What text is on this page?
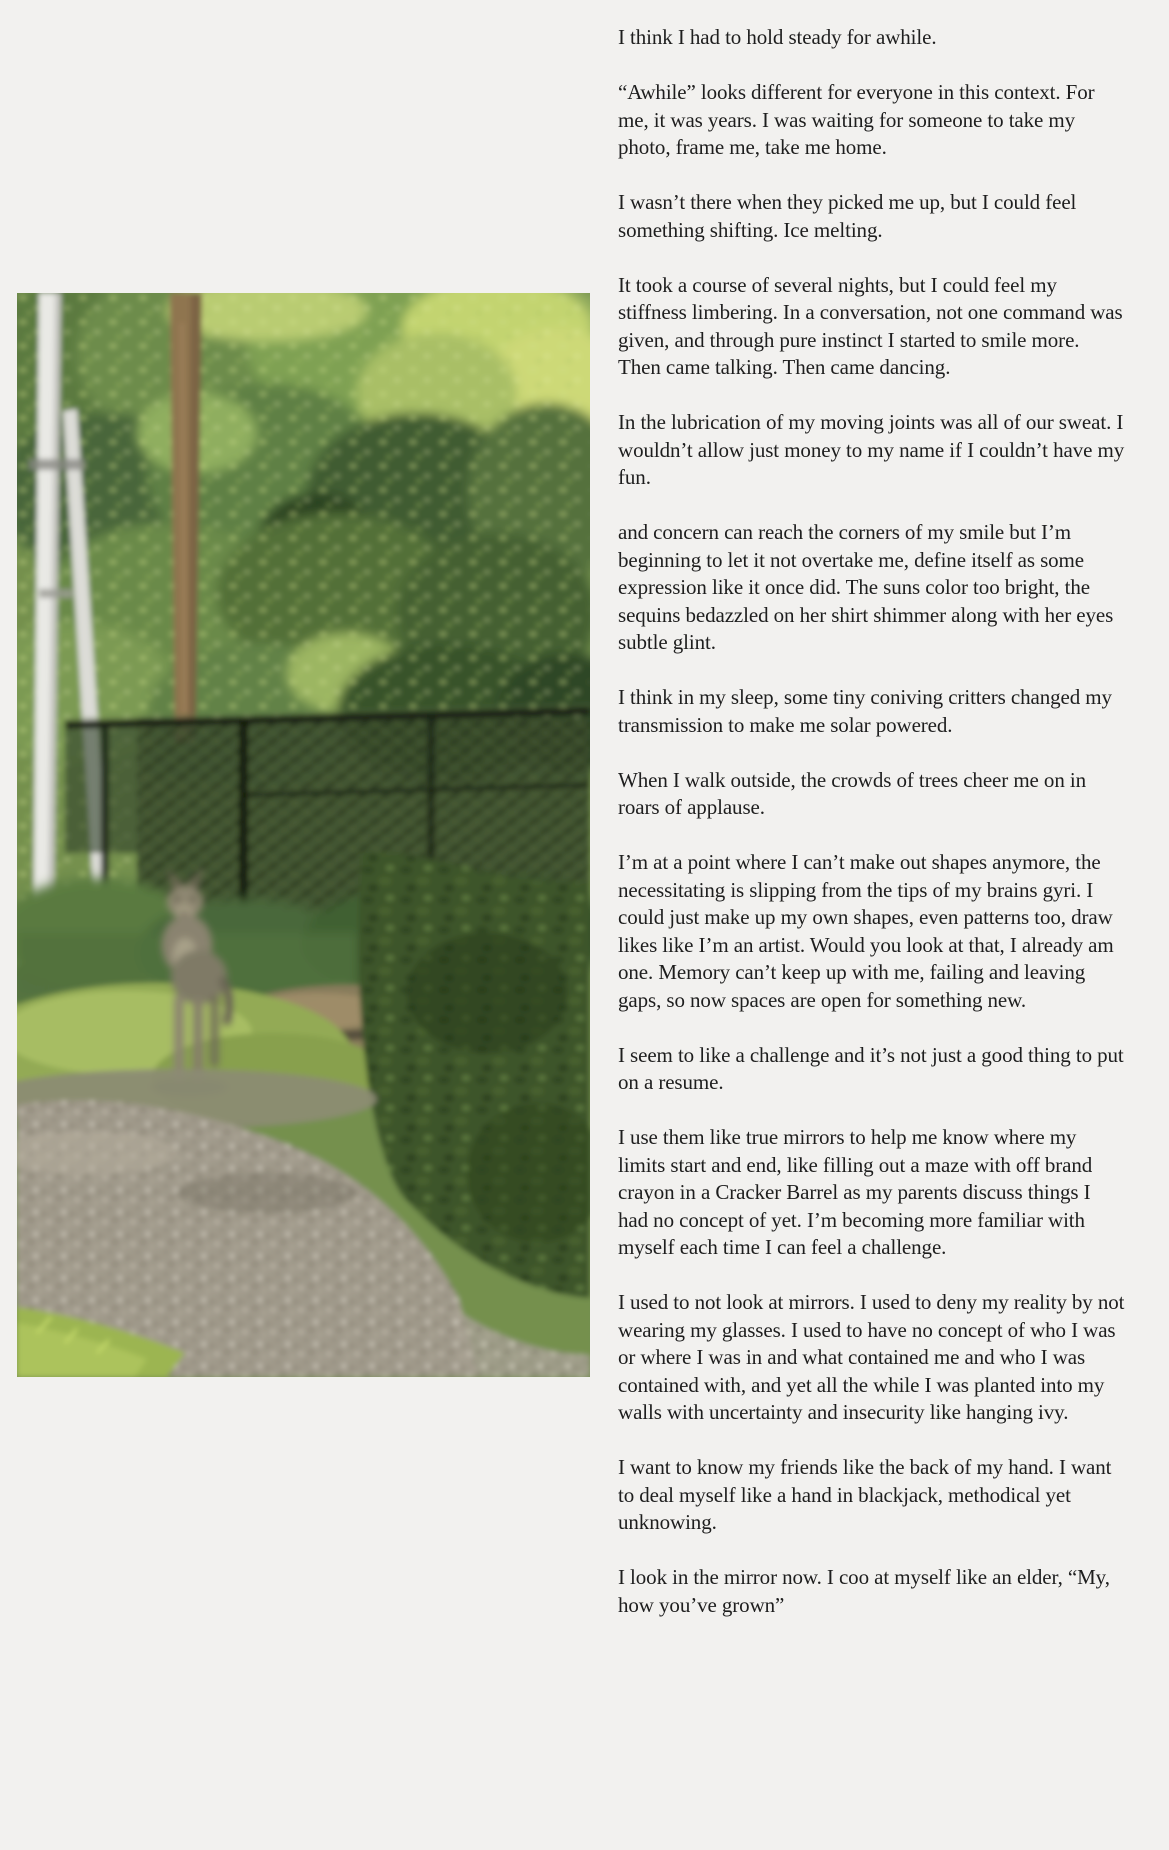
I think I had to hold steady for awhile.

“Awhile” looks different for everyone in this context. For me, it was years. I was waiting for someone to take my photo, frame me, take me home.

I wasn’t there when they picked me up, but I could feel something shifting. Ice melting.

It took a course of several nights, but I could feel my stiffness limbering. In a conversation, not one command was given, and through pure instinct I started to smile more. Then came talking. Then came dancing.

In the lubrication of my moving joints was all of our sweat. I wouldn’t allow just money to my name if I couldn’t have my fun.

and concern can reach the corners of my smile but I’m beginning to let it not overtake me, define itself as some expression like it once did. The suns color too bright, the sequins bedazzled on her shirt shimmer along with her eyes subtle glint.

I think in my sleep, some tiny coniving critters changed my transmission to make me solar powered.

When I walk outside, the crowds of trees cheer me on in roars of applause.

I’m at a point where I can’t make out shapes anymore, the necessitating is slipping from the tips of my brains gyri. I could just make up my own shapes, even patterns too, draw likes like I’m an artist. Would you look at that, I already am one. Memory can’t keep up with me, failing and leaving gaps, so now spaces are open for something new.

I seem to like a challenge and it’s not just a good thing to put on a resume.

I use them like true mirrors to help me know where my limits start and end, like filling out a maze with off brand crayon in a Cracker Barrel as my parents discuss things I had no concept of yet. I’m becoming more familiar with myself each time I can feel a challenge.

I used to not look at mirrors. I used to deny my reality by not wearing my glasses. I used to have no concept of who I was or where I was in and what contained me and who I was contained with, and yet all the while I was planted into my walls with uncertainty and insecurity like hanging ivy.

I want to know my friends like the back of my hand. I want to deal myself like a hand in blackjack, methodical yet unknowing.

I look in the mirror now. I coo at myself like an elder, “My, how you’ve grown”
